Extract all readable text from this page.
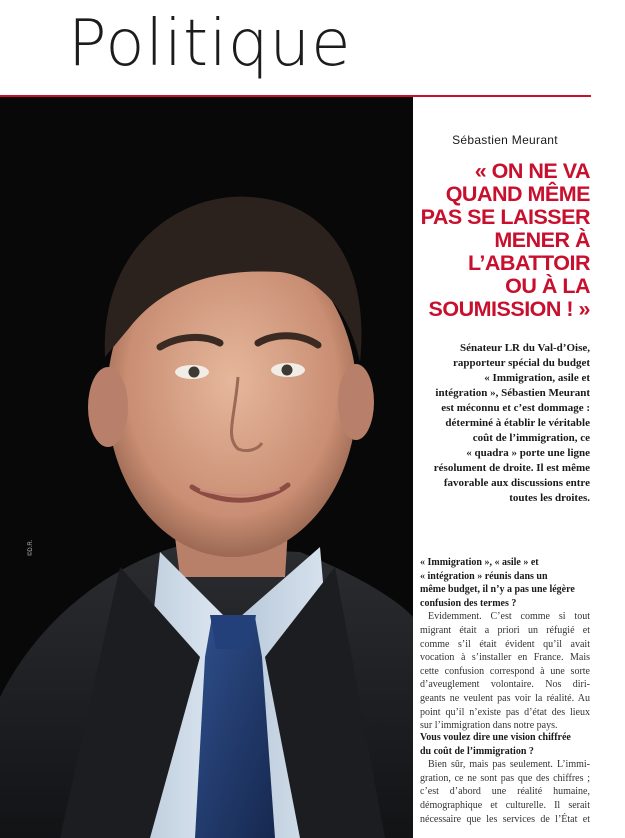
Politique
©D.R.
Sébastien Meurant
« ON NE VA
QUAND MÊME
PAS SE LAISSER
MENER À
L’ABATTOIR
OU À LA
SOUMISSION ! »
Sénateur LR du Val-d’Oise,
rapporteur spécial du budget
« Immigration, asile et
intégration », Sébastien Meurant
est méconnu et c’est dommage :
déterminé à établir le véritable
coût de l’immigration, ce
« quadra » porte une ligne
résolument de droite. Il est même
favorable aux discussions entre
toutes les droites.
« Immigration », « asile » et
« intégration » réunis dans un
même budget, il n’y a pas une légère
confusion des termes ?
Evidemment. C’est comme si tout
migrant était a priori un réfugié et
comme s’il était évident qu’il avait
vocation à s’installer en France. Mais
cette confusion correspond à une sorte
d’aveuglement volontaire. Nos diri-
geants ne veulent pas voir la réalité. Au
point qu’il n’existe pas d’état des lieux
sur l’immigration dans notre pays.
Vous voulez dire une vision chiffrée
du coût de l’immigration ?
Bien sûr, mais pas seulement. L’immi-
gration, ce ne sont pas que des chiffres ;
c’est d’abord une réalité humaine,
démographique et culturelle. Il serait
nécessaire que les services de l’État et
